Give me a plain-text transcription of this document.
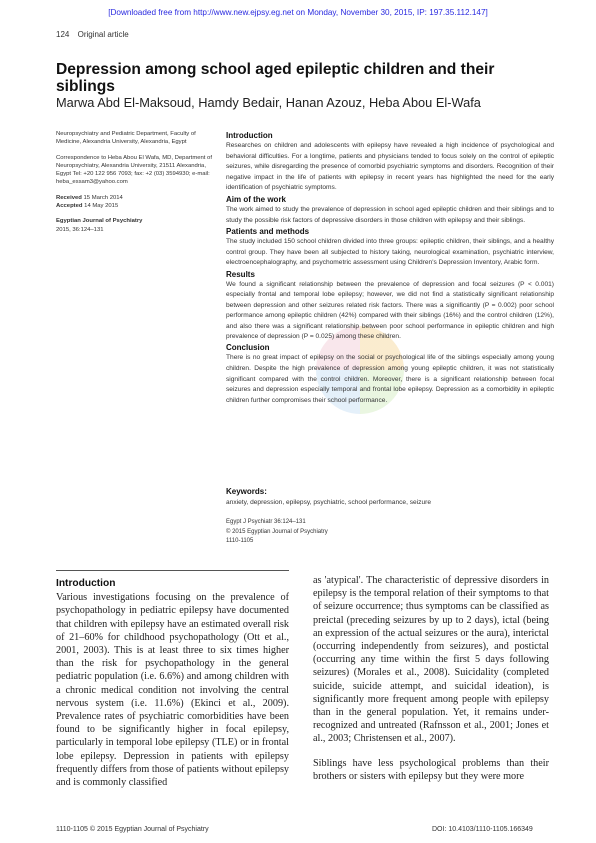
[Downloaded free from http://www.new.ejpsy.eg.net on Monday, November 30, 2015, IP: 197.35.112.147]
124 Original article
Depression among school aged epileptic children and their siblings
Marwa Abd El-Maksoud, Hamdy Bedair, Hanan Azouz, Heba Abou El-Wafa

Neuropsychiatry and Pediatric Department, Faculty of Medicine, Alexandria University, Alexandria, Egypt

Correspondence to Heba Abou El Wafa, MD, Department of Neuropsychiatry, Alexandria University, 21511 Alexandria, Egypt Tel: +20 122 956 7093; fax: +2 (03) 3594930; e-mail: heba_essam3@yahoo.com

Received 15 March 2014
Accepted 14 May 2015

Egyptian Journal of Psychiatry
2015, 36:124–131

Introduction

Researches on children and adolescents with epilepsy have revealed a high incidence of psychological and behavioral difficulties. For a longtime, patients and physicians tended to focus solely on the control of epileptic seizures, while disregarding the presence of comorbid psychiatric symptoms and disorders. Recognition of their negative impact in the life of patients with epilepsy in recent years has highlighted the need for the early identification of psychiatric symptoms.

Aim of the work

The work aimed to study the prevalence of depression in school aged epileptic children and their siblings and to study the possible risk factors of depressive disorders in those children with epilepsy and their siblings.

Patients and methods

The study included 150 school children divided into three groups: epileptic children, their siblings, and a healthy control group. They have been all subjected to history taking, neurological examination, psychiatric interview, electroencephalography, and psychometric assessment using Children's Depression Inventory, Arabic form.

Results

We found a significant relationship between the prevalence of depression and focal seizures (P < 0.001) especially frontal and temporal lobe epilepsy; however, we did not find a statistically significant relationship between depression and other seizures related risk factors. There was a significantly (P = 0.002) poor school performance among epileptic children (42%) compared with their siblings (16%) and the control children (12%), and also there was a significant relationship between poor school performance in epileptic children and high prevalence of depression (P = 0.025) among these children.

Conclusion

There is no great impact of epilepsy on the social or psychological life of the siblings especially among young children. Despite the high prevalence of depression among young epileptic children, it was not statistically significant compared with the control children. Moreover, there is a significant relationship between focal seizures and depression especially temporal and frontal lobe epilepsy. Depression as a comorbidity in epileptic children further compromises their school performance.

Keywords:
anxiety, depression, epilepsy, psychiatric, school performance, seizure
Egypt J Psychiatr 36:124–131
© 2015 Egyptian Journal of Psychiatry
1110-1105
Introduction

Various investigations focusing on the prevalence of psychopathology in pediatric epilepsy have documented that children with epilepsy have an estimated overall risk of 21–60% for childhood psychopathology (Ott et al., 2001, 2003). This is at least three to six times higher than the risk for psychopathology in the general pediatric population (i.e. 6.6%) and among children with a chronic medical condition not involving the central nervous system (i.e. 11.6%) (Ekinci et al., 2009). Prevalence rates of psychiatric comorbidities have been found to be significantly higher in focal epilepsy, particularly in temporal lobe epilepsy (TLE) or in frontal lobe epilepsy. Depression in patients with epilepsy frequently differs from those of patients without epilepsy and is commonly classified

as 'atypical'. The characteristic of depressive disorders in epilepsy is the temporal relation of their symptoms to that of seizure occurrence; thus symptoms can be classified as preictal (preceding seizures by up to 2 days), ictal (being an expression of the actual seizures or the aura), interictal (occurring independently from seizures), and postictal (occurring any time within the first 5 days following seizures) (Morales et al., 2008). Suicidality (completed suicide, suicide attempt, and suicidal ideation), is significantly more frequent among people with epilepsy than in the general population. Yet, it remains under-recognized and untreated (Rafnsson et al., 2001; Jones et al., 2003; Christensen et al., 2007).

Siblings have less psychological problems than their brothers or sisters with epilepsy but they were more

1110-1105 © 2015 Egyptian Journal of Psychiatry	DOI: 10.4103/1110-1105.166349
